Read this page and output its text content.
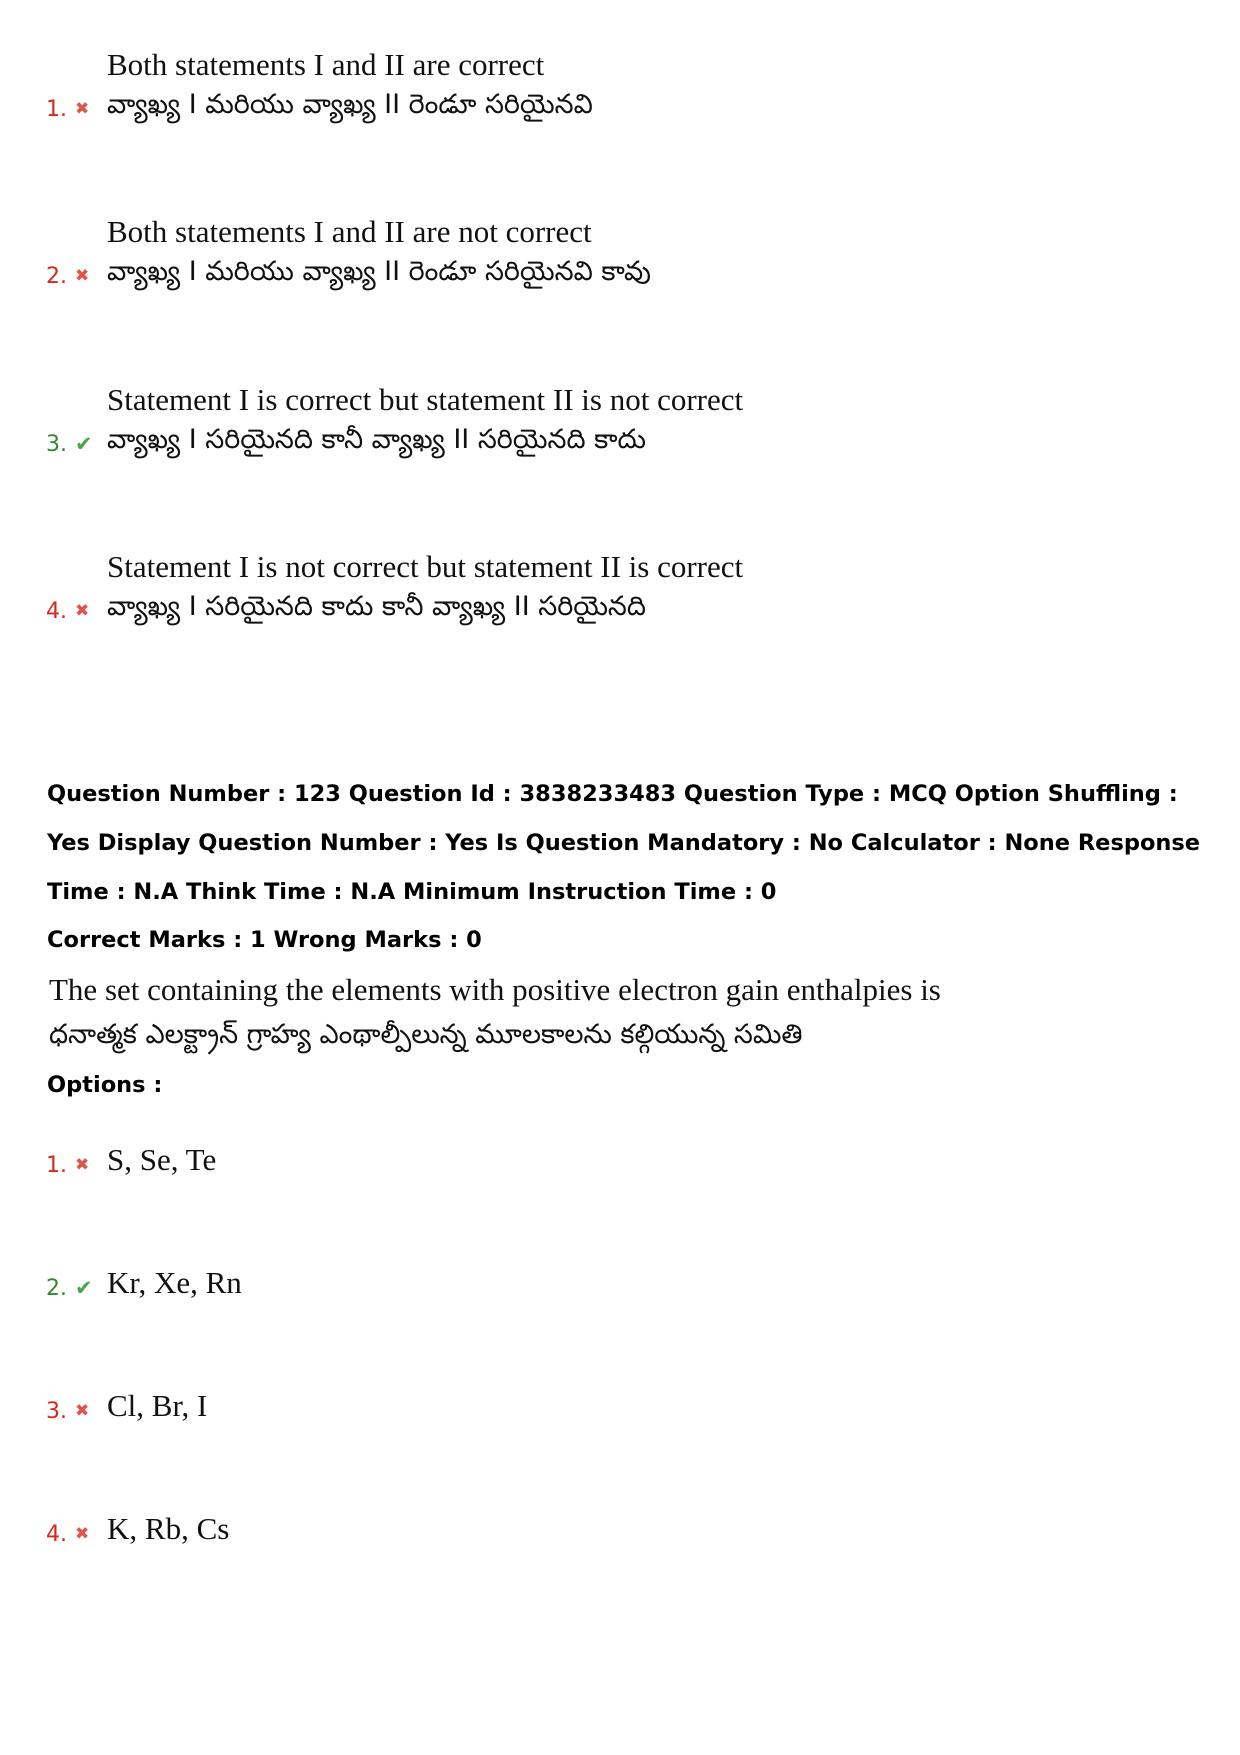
Both statements I and II are correct
వ్యాఖ్య I మరియు వ్యాఖ్య II రెండూ సరియైనవి
1. ✖
Both statements I and II are not correct
వ్యాఖ్య I మరియు వ్యాఖ్య II రెండూ సరియైనవి కావు
2. ✖
Statement I is correct but statement II is not correct
వ్యాఖ్య I సరియైనది కానీ వ్యాఖ్య II సరియైనది కాదు
3. ✔
Statement I is not correct but statement II is correct
వ్యాఖ్య I సరియైనది కాదు కానీ వ్యాఖ్య II సరియైనది
4. ✖
Question Number : 123 Question Id : 3838233483 Question Type : MCQ Option Shuffling : Yes Display Question Number : Yes Is Question Mandatory : No Calculator : None Response Time : N.A Think Time : N.A Minimum Instruction Time : 0
Correct Marks : 1 Wrong Marks : 0
The set containing the elements with positive electron gain enthalpies is
ధనాత్మక ఎలక్ట్రాన్ గ్రాహ్య ఎంథాల్పీలున్న మూలకాలను కల్గియున్న సమితి
Options :
S, Se, Te
1. ✖
Kr, Xe, Rn
2. ✔
Cl, Br, I
3. ✖
K, Rb, Cs
4. ✖
